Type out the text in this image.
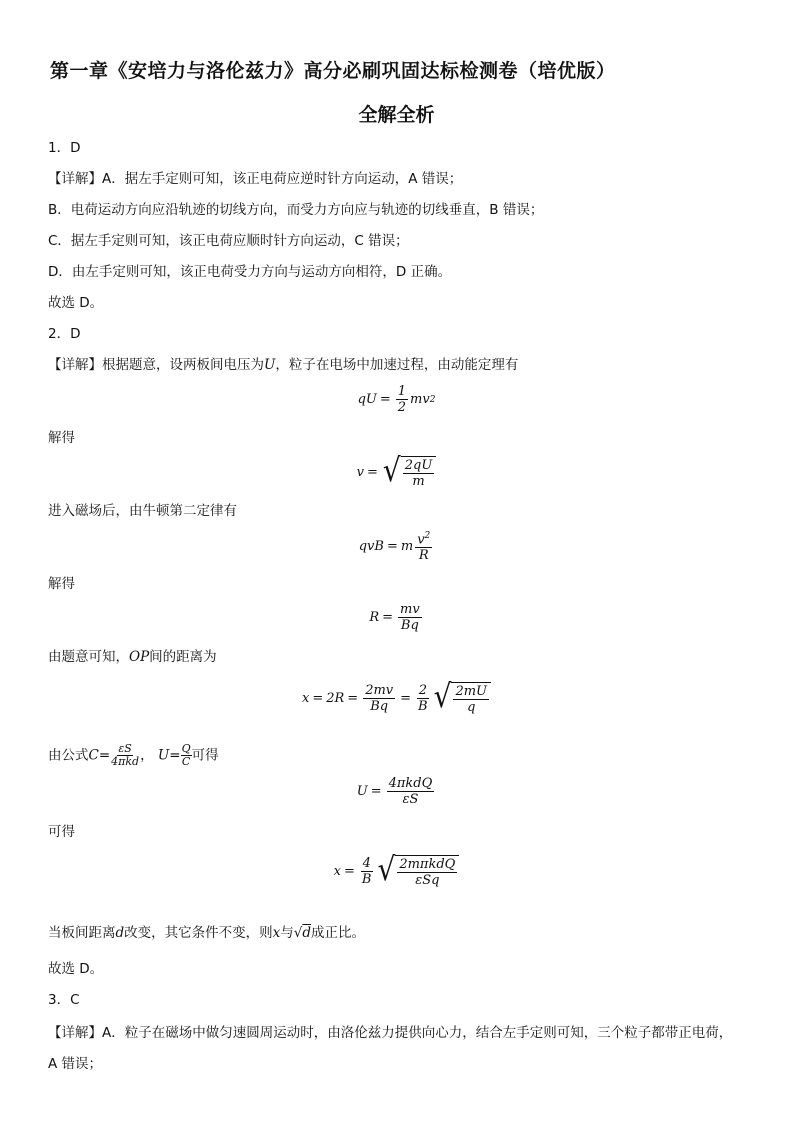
第一章《安培力与洛伦兹力》高分必刷巩固达标检测卷（培优版）
全解全析
1．D
【详解】A．据左手定则可知，该正电荷应逆时针方向运动，A 错误；
B．电荷运动方向应沿轨迹的切线方向，而受力方向应与轨迹的切线垂直，B 错误；
C．据左手定则可知，该正电荷应顺时针方向运动，C 错误；
D．由左手定则可知，该正电荷受力方向与运动方向相符，D 正确。
故选 D。
2．D
【详解】根据题意，设两板间电压为U，粒子在电场中加速过程，由动能定理有
qU = $\frac{1}{2}$ mv 2
解得
v = √ $\frac{2qU}{m}$
进入磁场后，由牛顿第二定律有
qvB = m $\frac{v^2}{R}$
解得
$R = \frac{mv}{Bq}$
由题意可知，OP间的距离为
$x = 2R = \frac{2mv}{Bq} = \frac{2}{B}$ √ $\frac{2mU}{q}$
由公式$C= \frac{\varepsilon S}{\text{4πkd}}$ ， $U= \frac{Q}{C}$ 可得
$U = \frac{\text{4πkdQ}}{\varepsilon S}$
可得
$x = \frac{4}{B}$ √ $\frac{\text{2mπkdQ}}{\text{εSq}}$
当板间距离d改变，其它条件不变，则x与√d成正比。
故选 D。
3．C
【详解】A．粒子在磁场中做匀速圆周运动时，由洛伦兹力提供向心力，结合左手定则可知，三个粒子都带正电荷，
A 错误；
